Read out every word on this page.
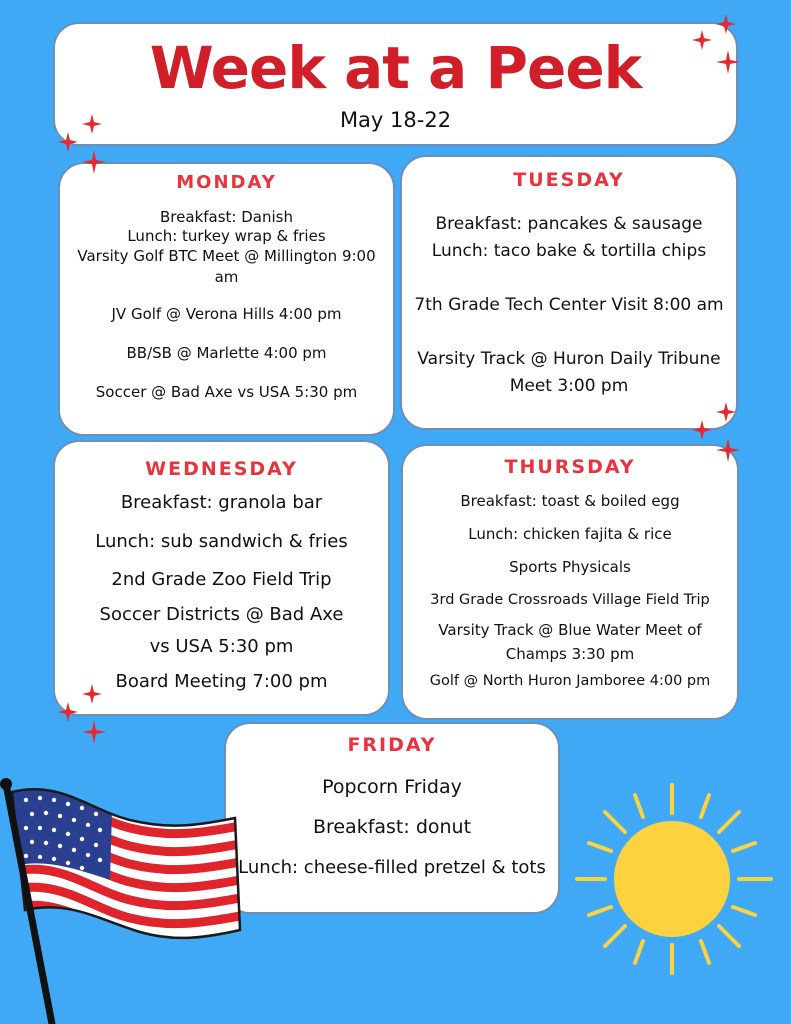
Week at a Peek
May 18-22
MONDAY
Breakfast: Danish
Lunch: turkey wrap & fries
Varsity Golf BTC Meet @ Millington 9:00
am
JV Golf @ Verona Hills 4:00 pm
BB/SB @ Marlette 4:00 pm
Soccer @ Bad Axe vs USA 5:30 pm
TUESDAY
Breakfast: pancakes & sausage
Lunch: taco bake & tortilla chips
7th Grade Tech Center Visit 8:00 am
Varsity Track @ Huron Daily Tribune
Meet 3:00 pm
WEDNESDAY
Breakfast: granola bar
Lunch: sub sandwich & fries
2nd Grade Zoo Field Trip
Soccer Districts @ Bad Axe
vs USA 5:30 pm
Board Meeting 7:00 pm
THURSDAY
Breakfast: toast & boiled egg
Lunch: chicken fajita & rice
Sports Physicals
3rd Grade Crossroads Village Field Trip
Varsity Track @ Blue Water Meet of
Champs 3:30 pm
Golf @ North Huron Jamboree 4:00 pm
FRIDAY
Popcorn Friday
Breakfast: donut
Lunch: cheese-filled pretzel & tots
